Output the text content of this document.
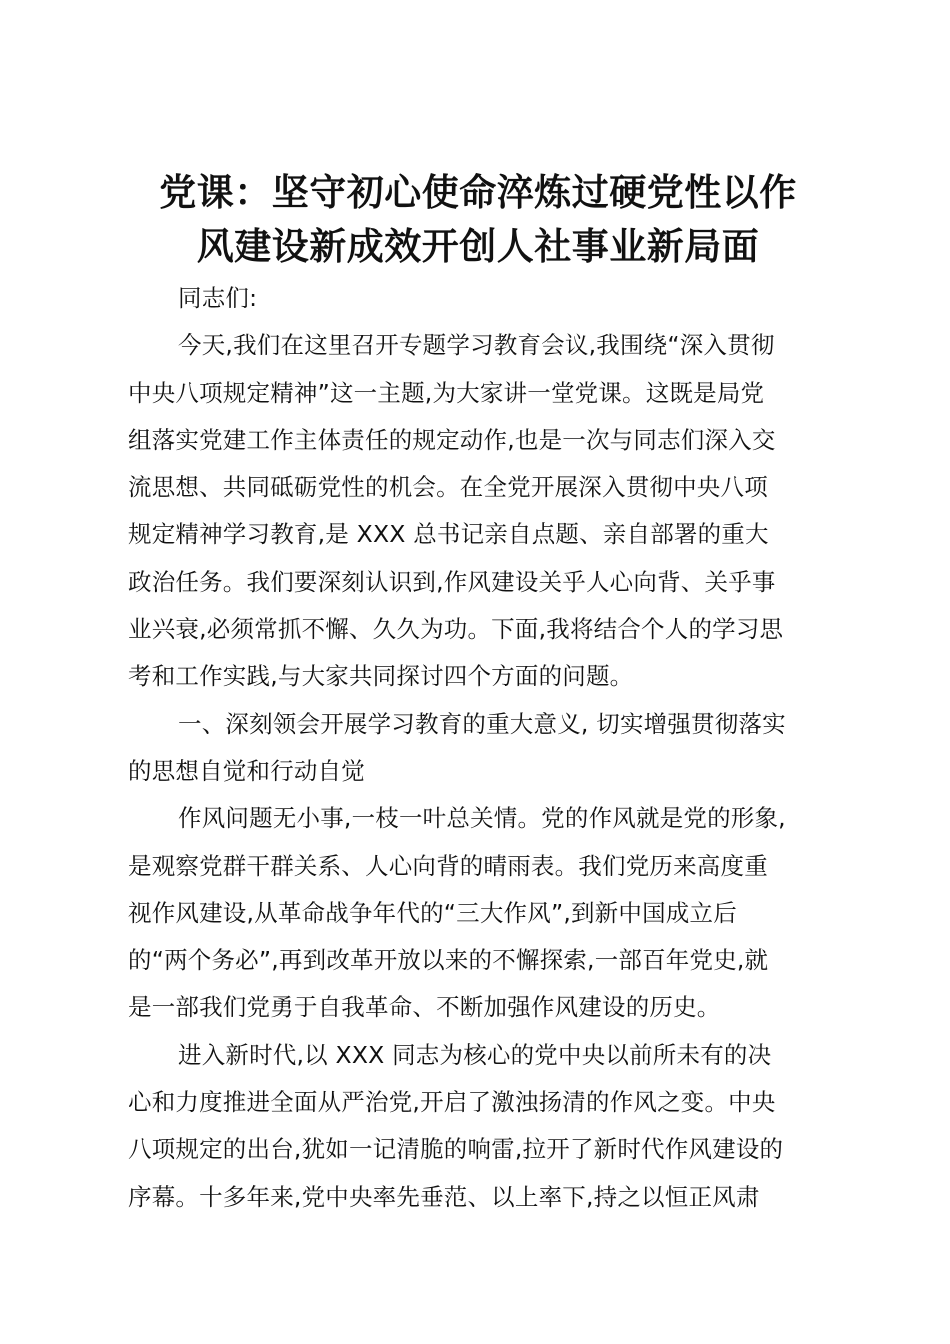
党课：坚守初心使命淬炼过硬党性以作
风建设新成效开创人社事业新局面
同志们:
今天,我们在这里召开专题学习教育会议,我围绕“深入贯彻
中央八项规定精神”这一主题,为大家讲一堂党课。这既是局党
组落实党建工作主体责任的规定动作,也是一次与同志们深入交
流思想、共同砥砺党性的机会。在全党开展深入贯彻中央八项
规定精神学习教育,是 XXX 总书记亲自点题、亲自部署的重大
政治任务。我们要深刻认识到,作风建设关乎人心向背、关乎事
业兴衰,必须常抓不懈、久久为功。下面,我将结合个人的学习思
考和工作实践,与大家共同探讨四个方面的问题。
一、深刻领会开展学习教育的重大意义, 切实增强贯彻落实
的思想自觉和行动自觉
作风问题无小事,一枝一叶总关情。党的作风就是党的形象,
是观察党群干群关系、人心向背的晴雨表。我们党历来高度重
视作风建设,从革命战争年代的“三大作风”,到新中国成立后
的“两个务必”,再到改革开放以来的不懈探索,一部百年党史,就
是一部我们党勇于自我革命、不断加强作风建设的历史。
进入新时代,以 XXX 同志为核心的党中央以前所未有的决
心和力度推进全面从严治党,开启了激浊扬清的作风之变。中央
八项规定的出台,犹如一记清脆的响雷,拉开了新时代作风建设的
序幕。十多年来,党中央率先垂范、以上率下,持之以恒正风肃
